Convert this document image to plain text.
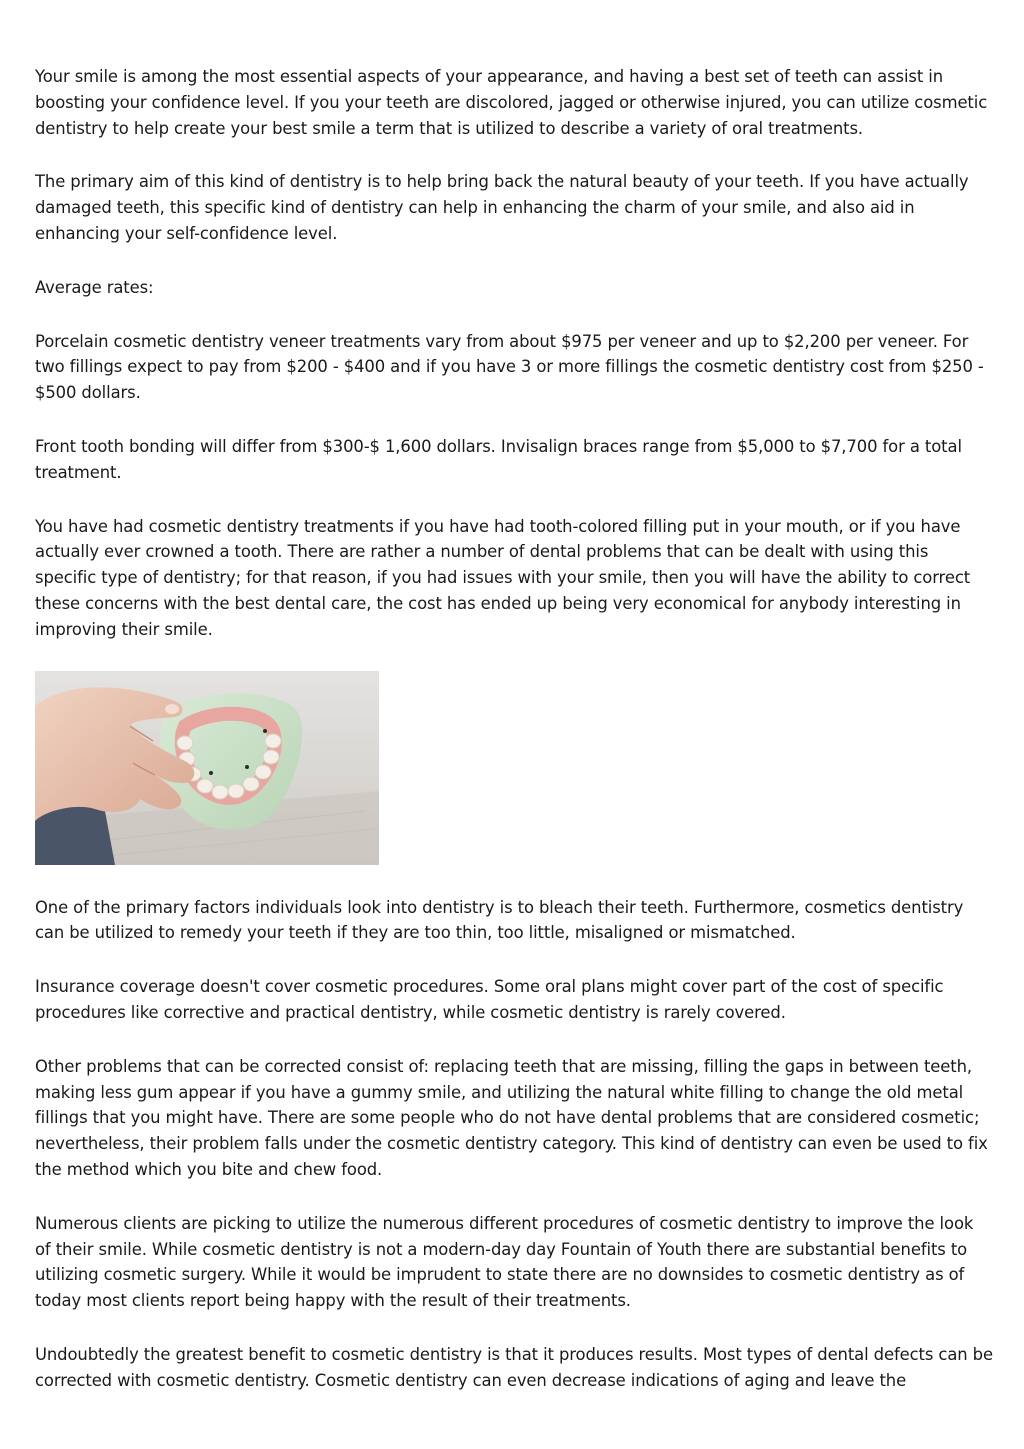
Your smile is among the most essential aspects of your appearance, and having a best set of teeth can assist in boosting your confidence level. If you your teeth are discolored, jagged or otherwise injured, you can utilize cosmetic dentistry to help create your best smile a term that is utilized to describe a variety of oral treatments.

The primary aim of this kind of dentistry is to help bring back the natural beauty of your teeth. If you have actually damaged teeth, this specific kind of dentistry can help in enhancing the charm of your smile, and also aid in enhancing your self-confidence level.

Average rates:

Porcelain cosmetic dentistry veneer treatments vary from about $975 per veneer and up to $2,200 per veneer. For two fillings expect to pay from $200 - $400 and if you have 3 or more fillings the cosmetic dentistry cost from $250 - $500 dollars.

Front tooth bonding will differ from $300-$ 1,600 dollars. Invisalign braces range from $5,000 to $7,700 for a total treatment.

You have had cosmetic dentistry treatments if you have had tooth-colored filling put in your mouth, or if you have actually ever crowned a tooth. There are rather a number of dental problems that can be dealt with using this specific type of dentistry; for that reason, if you had issues with your smile, then you will have the ability to correct these concerns with the best dental care, the cost has ended up being very economical for anybody interesting in improving their smile.

One of the primary factors individuals look into dentistry is to bleach their teeth. Furthermore, cosmetics dentistry can be utilized to remedy your teeth if they are too thin, too little, misaligned or mismatched.

Insurance coverage doesn't cover cosmetic procedures. Some oral plans might cover part of the cost of specific procedures like corrective and practical dentistry, while cosmetic dentistry is rarely covered.

Other problems that can be corrected consist of: replacing teeth that are missing, filling the gaps in between teeth, making less gum appear if you have a gummy smile, and utilizing the natural white filling to change the old metal fillings that you might have. There are some people who do not have dental problems that are considered cosmetic; nevertheless, their problem falls under the cosmetic dentistry category. This kind of dentistry can even be used to fix the method which you bite and chew food.

Numerous clients are picking to utilize the numerous different procedures of cosmetic dentistry to improve the look of their smile. While cosmetic dentistry is not a modern-day day Fountain of Youth there are substantial benefits to utilizing cosmetic surgery. While it would be imprudent to state there are no downsides to cosmetic dentistry as of today most clients report being happy with the result of their treatments.

Undoubtedly the greatest benefit to cosmetic dentistry is that it produces results. Most types of dental defects can be corrected with cosmetic dentistry. Cosmetic dentistry can even decrease indications of aging and leave the
